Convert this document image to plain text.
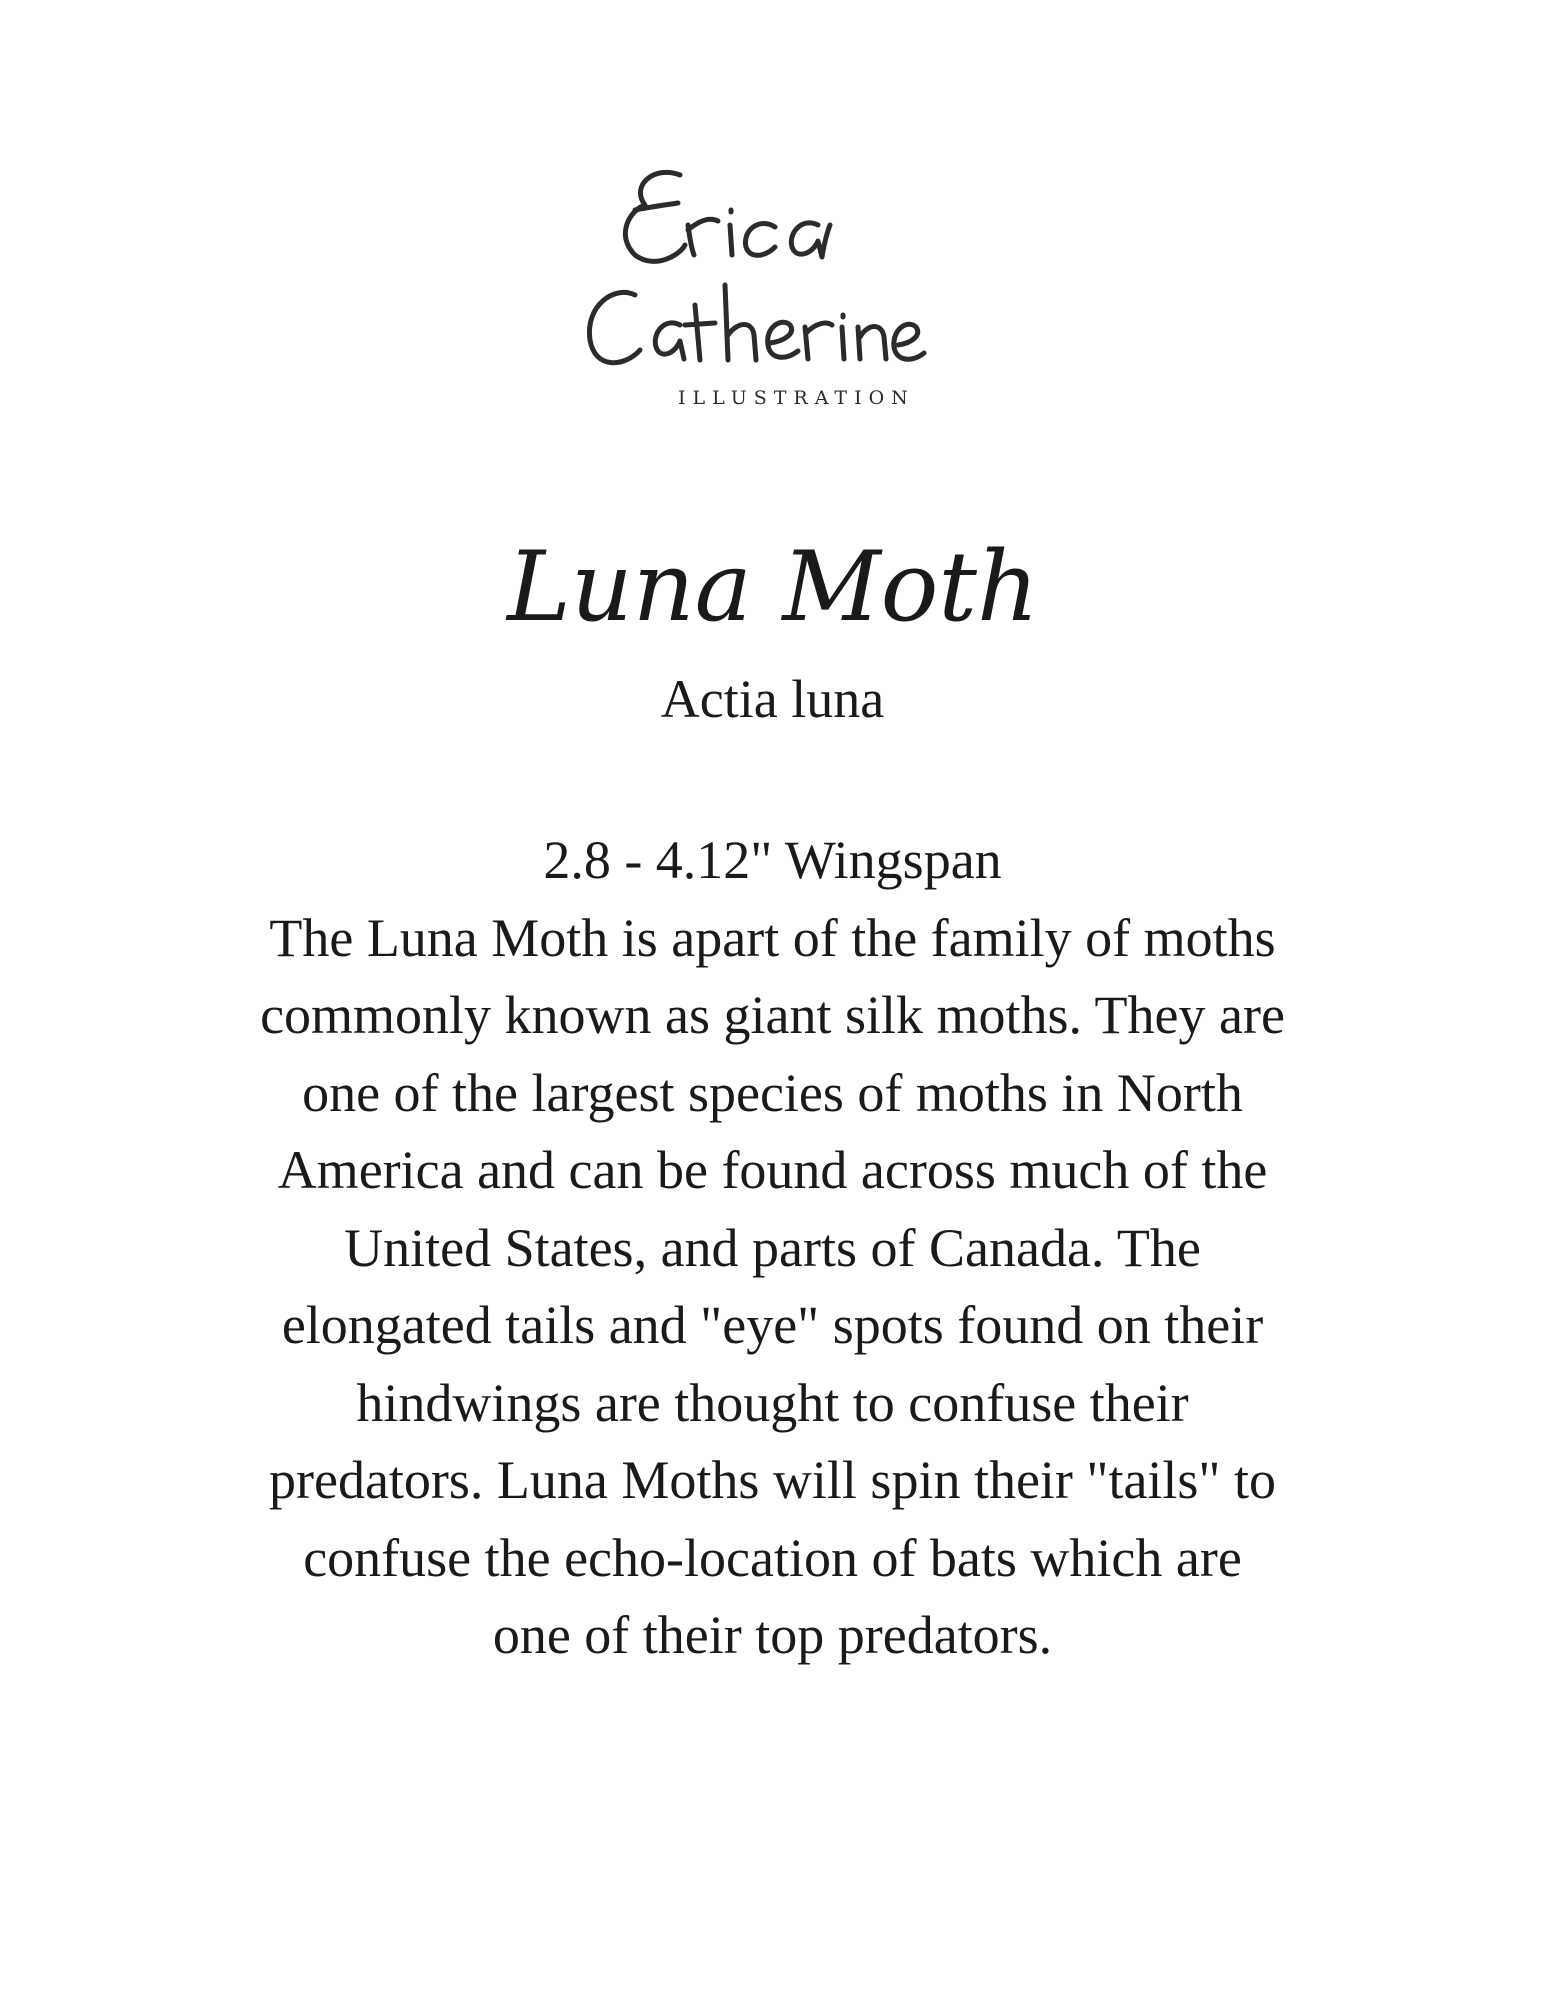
ILLUSTRATION
Luna Moth
Actia luna

2.8 - 4.12" Wingspan

The Luna Moth is apart of the family of moths

commonly known as giant silk moths. They are

one of the largest species of moths in North

America and can be found across much of the

United States, and parts of Canada. The

elongated tails and "eye" spots found on their

hindwings are thought to confuse their

predators. Luna Moths will spin their "tails" to

confuse the echo-location of bats which are

one of their top predators.
